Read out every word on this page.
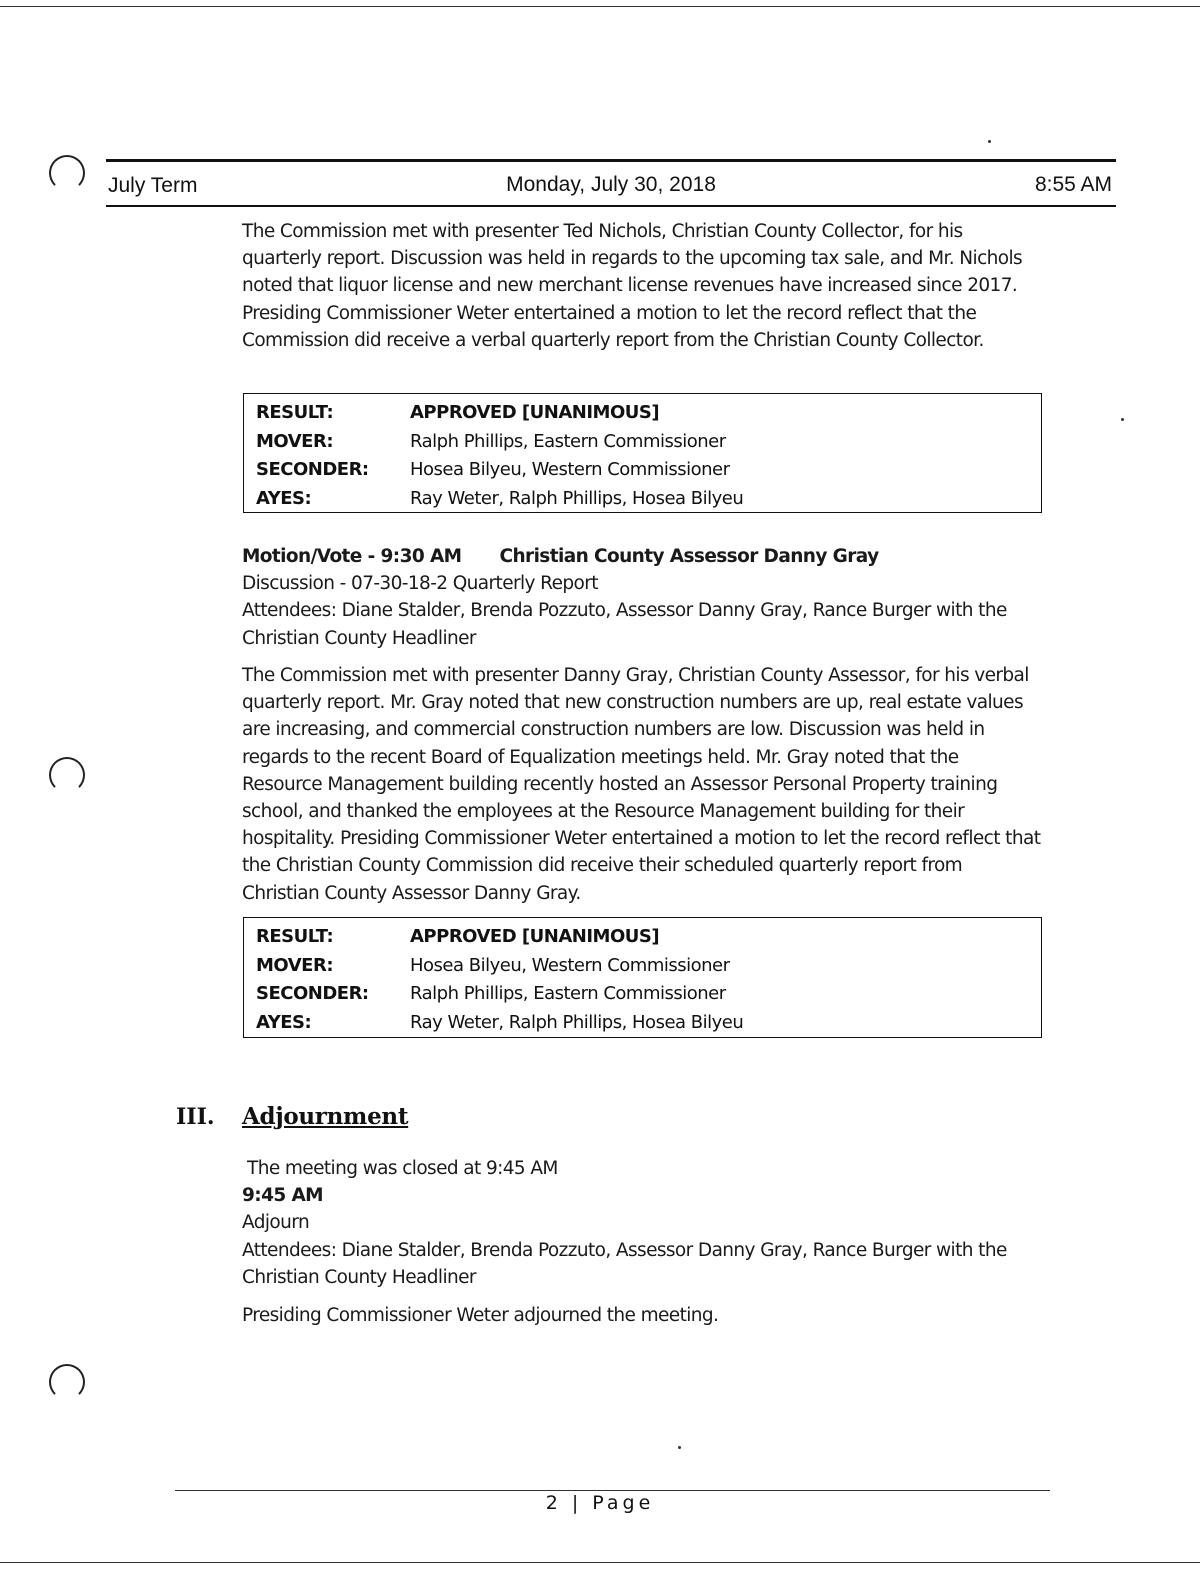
July Term	Monday, July 30, 2018	8:55 AM
The Commission met with presenter Ted Nichols, Christian County Collector, for his quarterly report. Discussion was held in regards to the upcoming tax sale, and Mr. Nichols noted that liquor license and new merchant license revenues have increased since 2017. Presiding Commissioner Weter entertained a motion to let the record reflect that the Commission did receive a verbal quarterly report from the Christian County Collector.
RESULT:	APPROVED [UNANIMOUS]
MOVER:	Ralph Phillips, Eastern Commissioner
SECONDER:	Hosea Bilyeu, Western Commissioner
AYES:	Ray Weter, Ralph Phillips, Hosea Bilyeu
Motion/Vote - 9:30 AM Christian County Assessor Danny Gray
Discussion - 07-30-18-2 Quarterly Report
Attendees: Diane Stalder, Brenda Pozzuto, Assessor Danny Gray, Rance Burger with the Christian County Headliner
The Commission met with presenter Danny Gray, Christian County Assessor, for his verbal quarterly report. Mr. Gray noted that new construction numbers are up, real estate values are increasing, and commercial construction numbers are low. Discussion was held in regards to the recent Board of Equalization meetings held. Mr. Gray noted that the Resource Management building recently hosted an Assessor Personal Property training school, and thanked the employees at the Resource Management building for their hospitality. Presiding Commissioner Weter entertained a motion to let the record reflect that the Christian County Commission did receive their scheduled quarterly report from Christian County Assessor Danny Gray.
RESULT:	APPROVED [UNANIMOUS]
MOVER:	Hosea Bilyeu, Western Commissioner
SECONDER:	Ralph Phillips, Eastern Commissioner
AYES:	Ray Weter, Ralph Phillips, Hosea Bilyeu
III. Adjournment
The meeting was closed at 9:45 AM
9:45 AM
Adjourn
Attendees: Diane Stalder, Brenda Pozzuto, Assessor Danny Gray, Rance Burger with the Christian County Headliner
Presiding Commissioner Weter adjourned the meeting.
2 | Page
